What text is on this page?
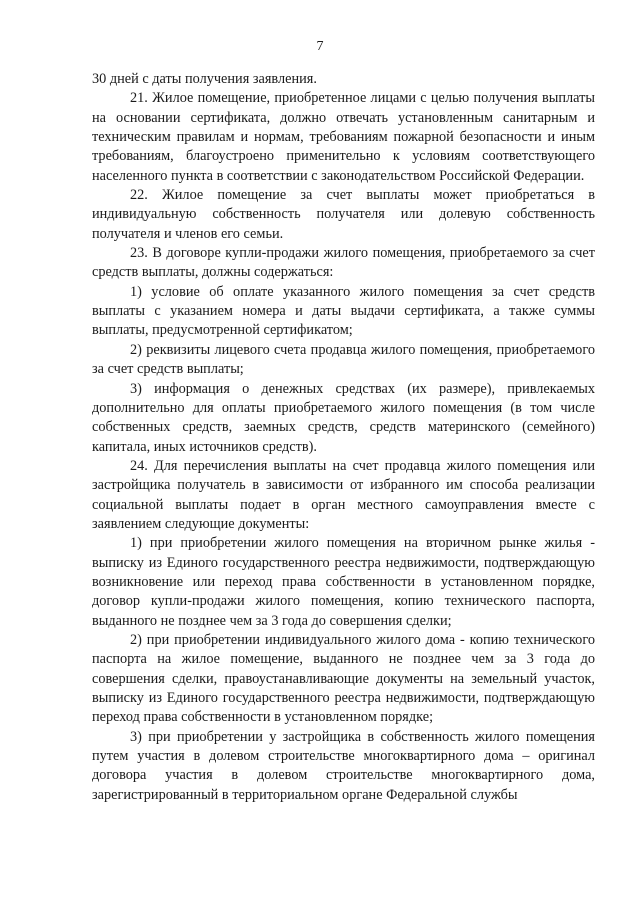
7

30 дней с даты получения заявления.

21. Жилое помещение, приобретенное лицами с целью получения выплаты на основании сертификата, должно отвечать установленным санитарным и техническим правилам и нормам, требованиям пожарной безопасности и иным требованиям, благоустроено применительно к условиям соответствующего населенного пункта в соответствии с законодательством Российской Федерации.

22. Жилое помещение за счет выплаты может приобретаться в индивидуальную собственность получателя или долевую собственность получателя и членов его семьи.

23. В договоре купли-продажи жилого помещения, приобретаемого за счет средств выплаты, должны содержаться:

1) условие об оплате указанного жилого помещения за счет средств выплаты с указанием номера и даты выдачи сертификата, а также суммы выплаты, предусмотренной сертификатом;

2) реквизиты лицевого счета продавца жилого помещения, приобретаемого за счет средств выплаты;

3) информация о денежных средствах (их размере), привлекаемых дополнительно для оплаты приобретаемого жилого помещения (в том числе собственных средств, заемных средств, средств материнского (семейного) капитала, иных источников средств).

24. Для перечисления выплаты на счет продавца жилого помещения или застройщика получатель в зависимости от избранного им способа реализации социальной выплаты подает в орган местного самоуправления вместе с заявлением следующие документы:

1) при приобретении жилого помещения на вторичном рынке жилья - выписку из Единого государственного реестра недвижимости, подтверждающую возникновение или переход права собственности в установленном порядке, договор купли-продажи жилого помещения, копию технического паспорта, выданного не позднее чем за 3 года до совершения сделки;

2) при приобретении индивидуального жилого дома - копию технического паспорта на жилое помещение, выданного не позднее чем за 3 года до совершения сделки, правоустанавливающие документы на земельный участок, выписку из Единого государственного реестра недвижимости, подтверждающую переход права собственности в установленном порядке;

3) при приобретении у застройщика в собственность жилого помещения путем участия в долевом строительстве многоквартирного дома – оригинал договора участия в долевом строительстве многоквартирного дома, зарегистрированный в территориальном органе Федеральной службы
